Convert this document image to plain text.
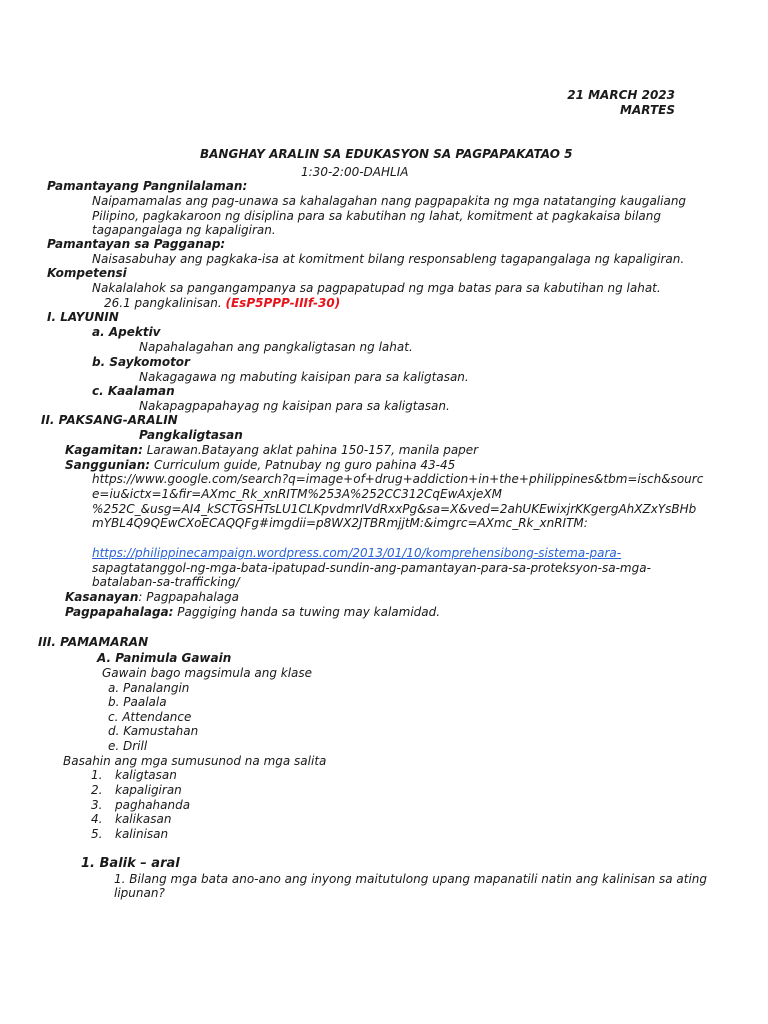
21 MARCH 2023
MARTES
BANGHAY ARALIN SA EDUKASYON SA PAGPAPAKATAO 5
1:30-2:00-DAHLIA
Pamantayang Pangnilalaman:
Naipamamalas ang pag-unawa sa kahalagahan nang pagpapakita ng mga natatanging kaugaliang
Pilipino, pagkakaroon ng disiplina para sa kabutihan ng lahat, komitment at pagkakaisa bilang
tagapangalaga ng kapaligiran.
Pamantayan sa Pagganap:
Naisasabuhay ang pagkaka-isa at komitment bilang responsableng tagapangalaga ng kapaligiran.
Kompetensi
Nakalalahok sa pangangampanya sa pagpapatupad ng mga batas para sa kabutihan ng lahat.
26.1 pangkalinisan. (EsP5PPP-IIIf-30)
I. LAYUNIN
a. Apektiv
Napahalagahan ang pangkaligtasan ng lahat.
b. Saykomotor
Nakagagawa ng mabuting kaisipan para sa kaligtasan.
c. Kaalaman
Nakapagpapahayag ng kaisipan para sa kaligtasan.
II. PAKSANG-ARALIN
Pangkaligtasan
Kagamitan: Larawan.Batayang aklat pahina 150-157, manila paper
Sanggunian: Curriculum guide, Patnubay ng guro pahina 43-45
https://www.google.com/search?q=image+of+drug+addiction+in+the+philippines&tbm=isch&sourc
e=iu&ictx=1&fir=AXmc_Rk_xnRITM%253A%252CC312CqEwAxjeXM
%252C_&usg=AI4_kSCTGSHTsLU1CLKpvdmrIVdRxxPg&sa=X&ved=2ahUKEwixjrKKgergAhXZxYsBHb
mYBL4Q9QEwCXoECAQQFg#imgdii=p8WX2JTBRmjjtM:&imgrc=AXmc_Rk_xnRITM:
https://philippinecampaign.wordpress.com/2013/01/10/komprehensibong-sistema-para-
sapagtatanggol-ng-mga-bata-ipatupad-sundin-ang-pamantayan-para-sa-proteksyon-sa-mga-
batalaban-sa-trafficking/
Kasanayan: Pagpapahalaga
Pagpapahalaga: Paggiging handa sa tuwing may kalamidad.
III. PAMAMARAN
A. Panimula Gawain
Gawain bago magsimula ang klase
a. Panalangin
b. Paalala
c. Attendance
d. Kamustahan
e. Drill
Basahin ang mga sumusunod na mga salita
1. kaligtasan
2. kapaligiran
3. paghahanda
4. kalikasan
5. kalinisan
1. Balik – aral
1. Bilang mga bata ano-ano ang inyong maitutulong upang mapanatili natin ang kalinisan sa ating
lipunan?
